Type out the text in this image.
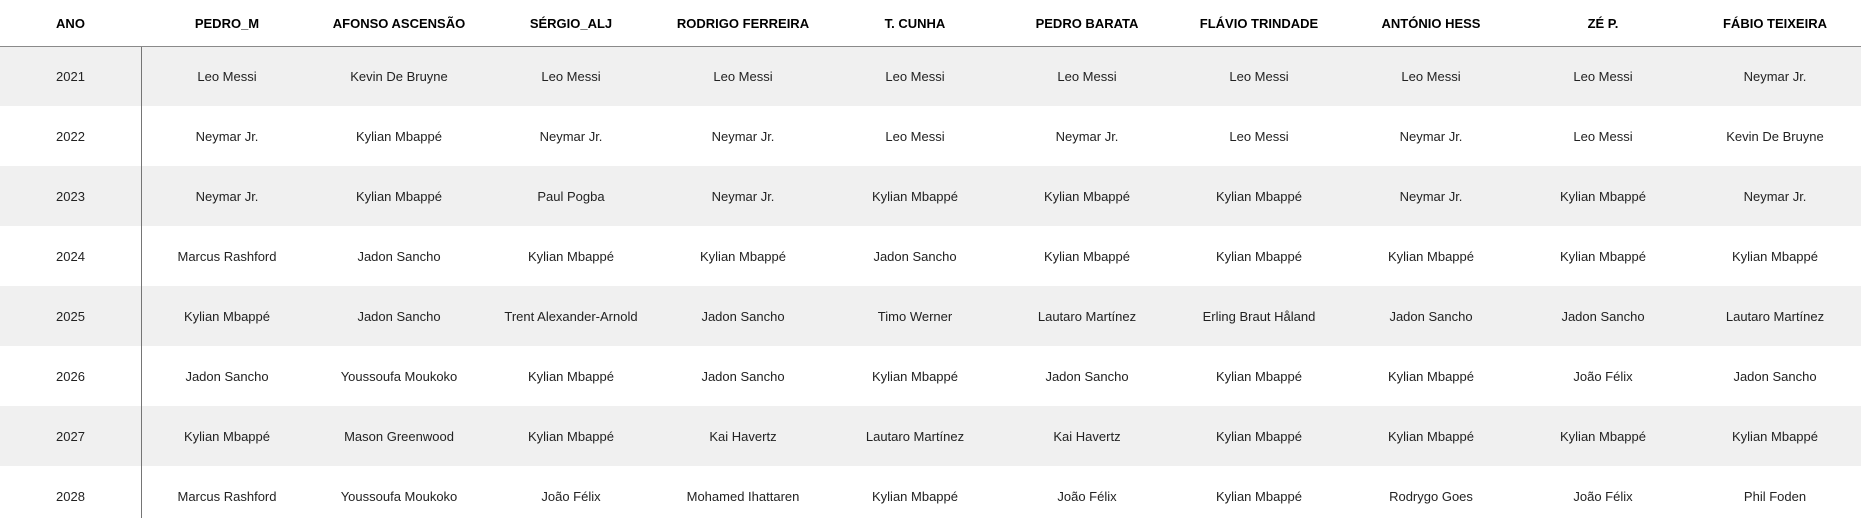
ANO	PEDRO_M	AFONSO ASCENSÃO	SÉRGIO_ALJ	RODRIGO FERREIRA	T. CUNHA	PEDRO BARATA	FLÁVIO TRINDADE	ANTÓNIO HESS	ZÉ P.	FÁBIO TEIXEIRA
2021	Leo Messi	Kevin De Bruyne	Leo Messi	Leo Messi	Leo Messi	Leo Messi	Leo Messi	Leo Messi	Leo Messi	Neymar Jr.
2022	Neymar Jr.	Kylian Mbappé	Neymar Jr.	Neymar Jr.	Leo Messi	Neymar Jr.	Leo Messi	Neymar Jr.	Leo Messi	Kevin De Bruyne
2023	Neymar Jr.	Kylian Mbappé	Paul Pogba	Neymar Jr.	Kylian Mbappé	Kylian Mbappé	Kylian Mbappé	Neymar Jr.	Kylian Mbappé	Neymar Jr.
2024	Marcus Rashford	Jadon Sancho	Kylian Mbappé	Kylian Mbappé	Jadon Sancho	Kylian Mbappé	Kylian Mbappé	Kylian Mbappé	Kylian Mbappé	Kylian Mbappé
2025	Kylian Mbappé	Jadon Sancho	Trent Alexander-Arnold	Jadon Sancho	Timo Werner	Lautaro Martínez	Erling Braut Håland	Jadon Sancho	Jadon Sancho	Lautaro Martínez
2026	Jadon Sancho	Youssoufa Moukoko	Kylian Mbappé	Jadon Sancho	Kylian Mbappé	Jadon Sancho	Kylian Mbappé	Kylian Mbappé	João Félix	Jadon Sancho
2027	Kylian Mbappé	Mason Greenwood	Kylian Mbappé	Kai Havertz	Lautaro Martínez	Kai Havertz	Kylian Mbappé	Kylian Mbappé	Kylian Mbappé	Kylian Mbappé
2028	Marcus Rashford	Youssoufa Moukoko	João Félix	Mohamed Ihattaren	Kylian Mbappé	João Félix	Kylian Mbappé	Rodrygo Goes	João Félix	Phil Foden
